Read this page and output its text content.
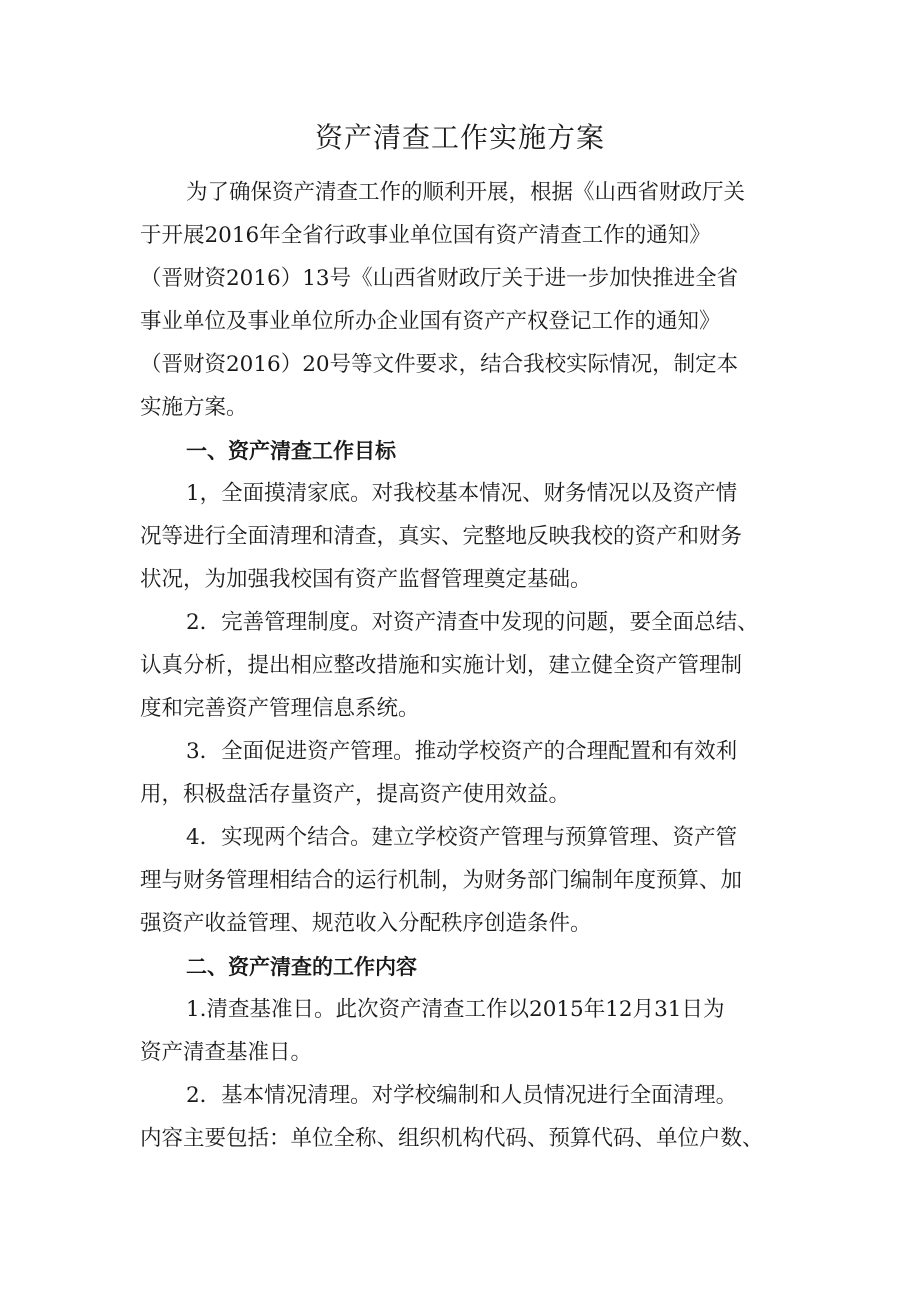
资产清查工作实施方案
为了确保资产清查工作的顺利开展，根据《山西省财政厅关
于开展2016年全省行政事业单位国有资产清查工作的通知》
（晋财资2016）13号《山西省财政厅关于进一步加快推进全省
事业单位及事业单位所办企业国有资产产权登记工作的通知》
（晋财资2016）20号等文件要求，结合我校实际情况，制定本
实施方案。
一、资产清查工作目标
1，全面摸清家底。对我校基本情况、财务情况以及资产情
况等进行全面清理和清查，真实、完整地反映我校的资产和财务
状况，为加强我校国有资产监督管理奠定基础。
2．完善管理制度。对资产清查中发现的问题，要全面总结、
认真分析，提出相应整改措施和实施计划，建立健全资产管理制
度和完善资产管理信息系统。
3．全面促进资产管理。推动学校资产的合理配置和有效利
用，积极盘活存量资产，提高资产使用效益。
4．实现两个结合。建立学校资产管理与预算管理、资产管
理与财务管理相结合的运行机制，为财务部门编制年度预算、加
强资产收益管理、规范收入分配秩序创造条件。
二、资产清查的工作内容
1.清查基准日。此次资产清查工作以2015年12月31日为
资产清查基准日。
2．基本情况清理。对学校编制和人员情况进行全面清理。
内容主要包括：单位全称、组织机构代码、预算代码、单位户数、
